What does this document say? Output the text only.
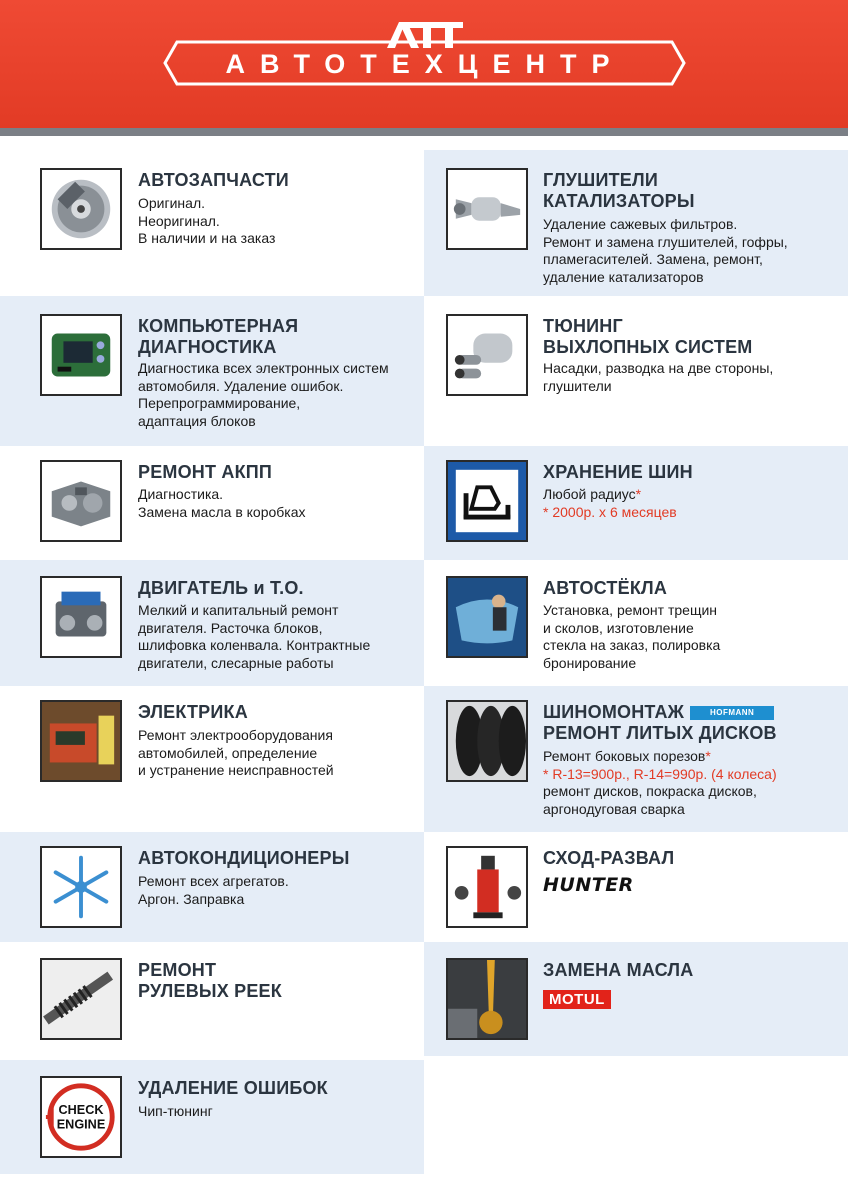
АВТОТЕХЦЕНТР
АВТОЗАПЧАСТИ
Оригинал.
Неоригинал.
В наличии и на заказ
ГЛУШИТЕЛИ
КАТАЛИЗАТОРЫ
Удаление сажевых фильтров.
Ремонт и замена глушителей, гофры,
пламегасителей. Замена, ремонт,
удаление катализаторов
КОМПЬЮТЕРНАЯ
ДИАГНОСТИКА
Диагностика всех электронных систем
автомобиля. Удаление ошибок.
Перепрограммирование,
адаптация блоков
ТЮНИНГ
ВЫХЛОПНЫХ СИСТЕМ
Насадки, разводка на две стороны,
глушители
РЕМОНТ АКПП
Диагностика.
Замена масла в коробках
ХРАНЕНИЕ ШИН
Любой радиус*
* 2000р. х 6 месяцев
ДВИГАТЕЛЬ и Т.О.
Мелкий и капитальный ремонт
двигателя. Расточка блоков,
шлифовка коленвала. Контрактные
двигатели, слесарные работы
АВТОСТЁКЛА
Установка, ремонт трещин
и сколов, изготовление
стекла на заказ, полировка
бронирование
ЭЛЕКТРИКА
Ремонт электрооборудования
автомобилей, определение
и устранение неисправностей
ШИНОМОНТАЖ	HOFMANN
РЕМОНТ ЛИТЫХ ДИСКОВ
Ремонт боковых порезов*
* R-13=900р., R-14=990р. (4 колеса)
ремонт дисков, покраска дисков,
аргонодуговая сварка
АВТОКОНДИЦИОНЕРЫ
Ремонт всех агрегатов.
Аргон. Заправка
СХОД-РАЗВАЛ
HUNTER
РЕМОНТ
РУЛЕВЫХ РЕЕК
ЗАМЕНА МАСЛА
MOTUL
CHECK
ENGINE
УДАЛЕНИЕ ОШИБОК
Чип-тюнинг
